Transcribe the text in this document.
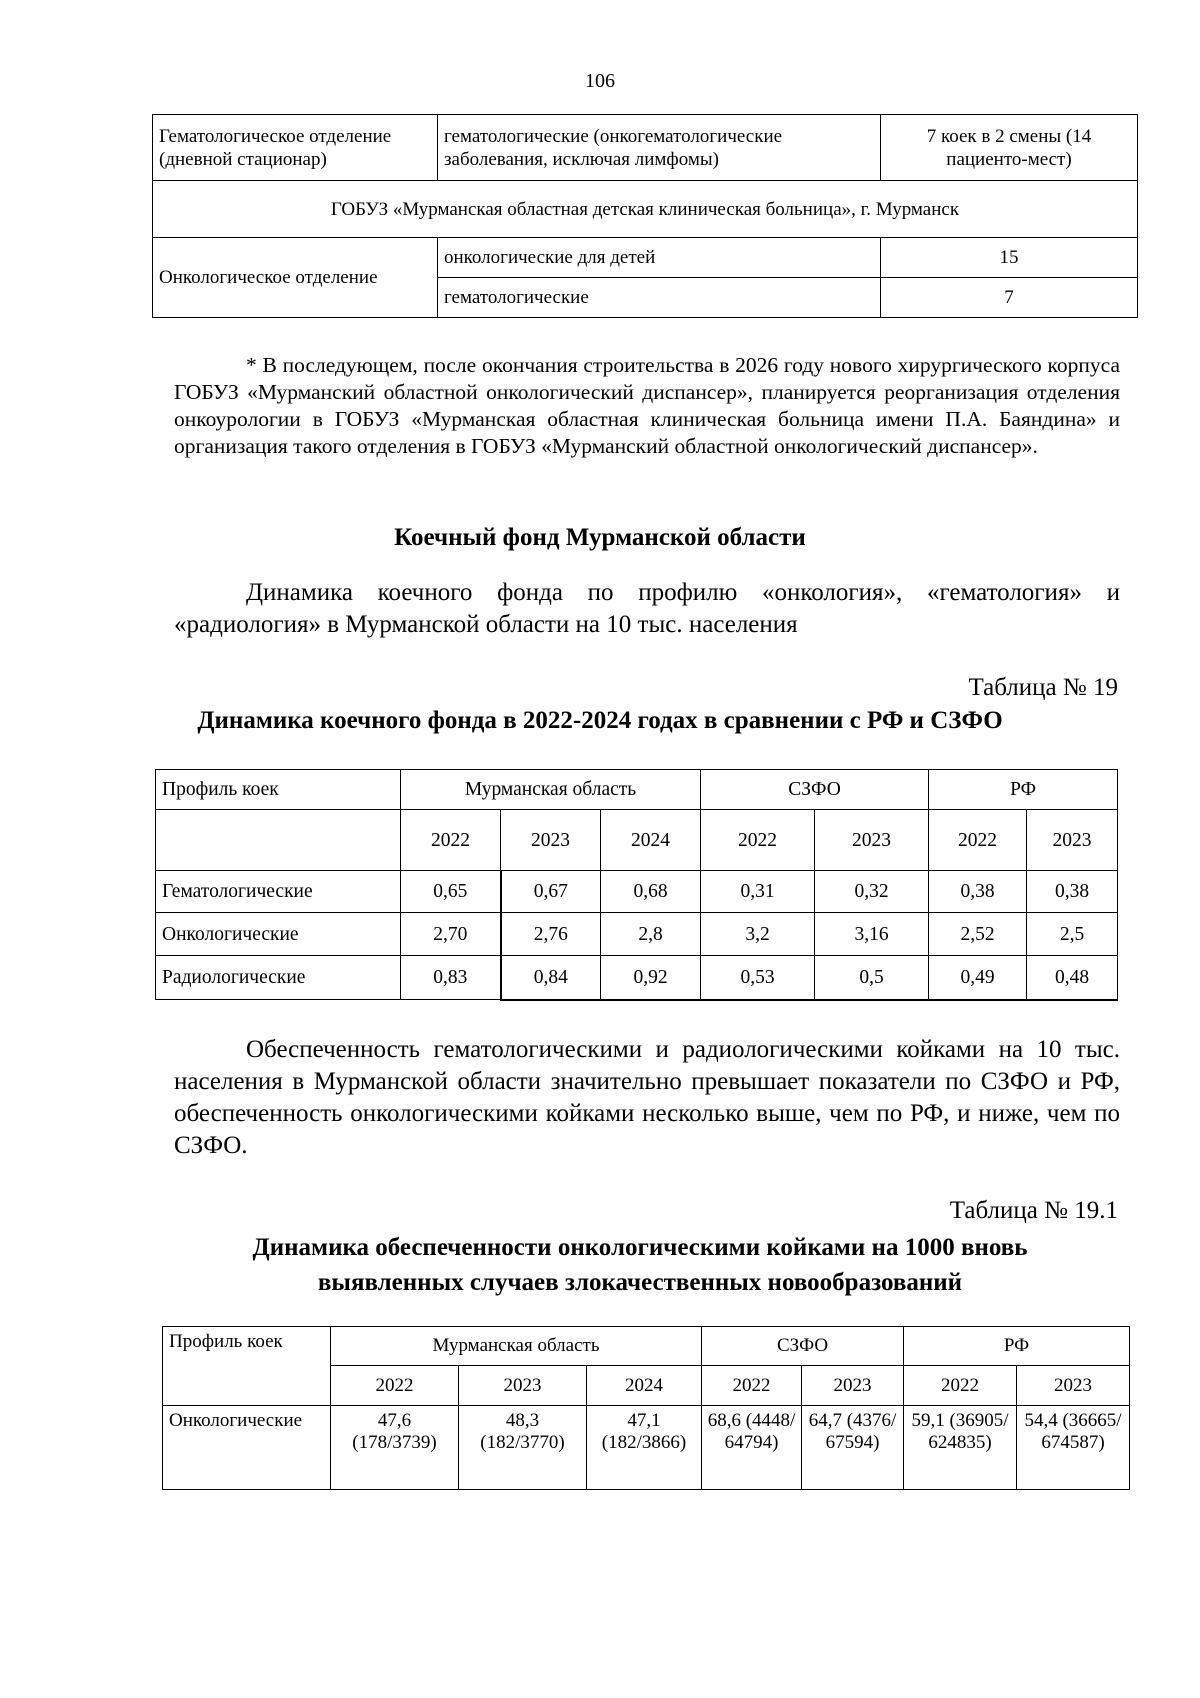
106
Гематологическое отделение (дневной стационар)	гематологические (онкогематологические заболевания, исключая лимфомы)	7 коек в 2 смены (14 пациенто-мест)
ГОБУЗ «Мурманская областная детская клиническая больница», г. Мурманск		
Онкологическое отделение	онкологические для детей	15
	гематологические	7
* В последующем, после окончания строительства в 2026 году нового хирургического корпуса ГОБУЗ «Мурманский областной онкологический диспансер», планируется реорганизация отделения онкоурологии в ГОБУЗ «Мурманская областная клиническая больница имени П.А. Баяндина» и организация такого отделения в ГОБУЗ «Мурманский областной онкологический диспансер».
Коечный фонд Мурманской области
Динамика коечного фонда по профилю «онкология», «гематология» и «радиология» в Мурманской области на 10 тыс. населения
Таблица № 19
Динамика коечного фонда в 2022-2024 годах в сравнении с РФ и СЗФО
Профиль коек	Мурманская область			СЗФО		РФ	
	2022	2023	2024	2022	2023	2022	2023
Гематологические	0,65	0,67	0,68	0,31	0,32	0,38	0,38
Онкологические	2,70	2,76	2,8	3,2	3,16	2,52	2,5
Радиологические	0,83	0,84	0,92	0,53	0,5	0,49	0,48
Обеспеченность гематологическими и радиологическими койками на 10 тыс. населения в Мурманской области значительно превышает показатели по СЗФО и РФ, обеспеченность онкологическими койками несколько выше, чем по РФ, и ниже, чем по СЗФО.
Таблица № 19.1
Динамика обеспеченности онкологическими койками на 1000 вновь выявленных случаев злокачественных новообразований
Профиль коек	Мурманская область			СЗФО		РФ	
	2022	2023	2024	2022	2023	2022	2023
Онкологические	47,6 (178/3739)	48,3 (182/3770)	47,1 (182/3866)	68,6 (4448/ 64794)	64,7 (4376/ 67594)	59,1 (36905/ 624835)	54,4 (36665/ 674587)
